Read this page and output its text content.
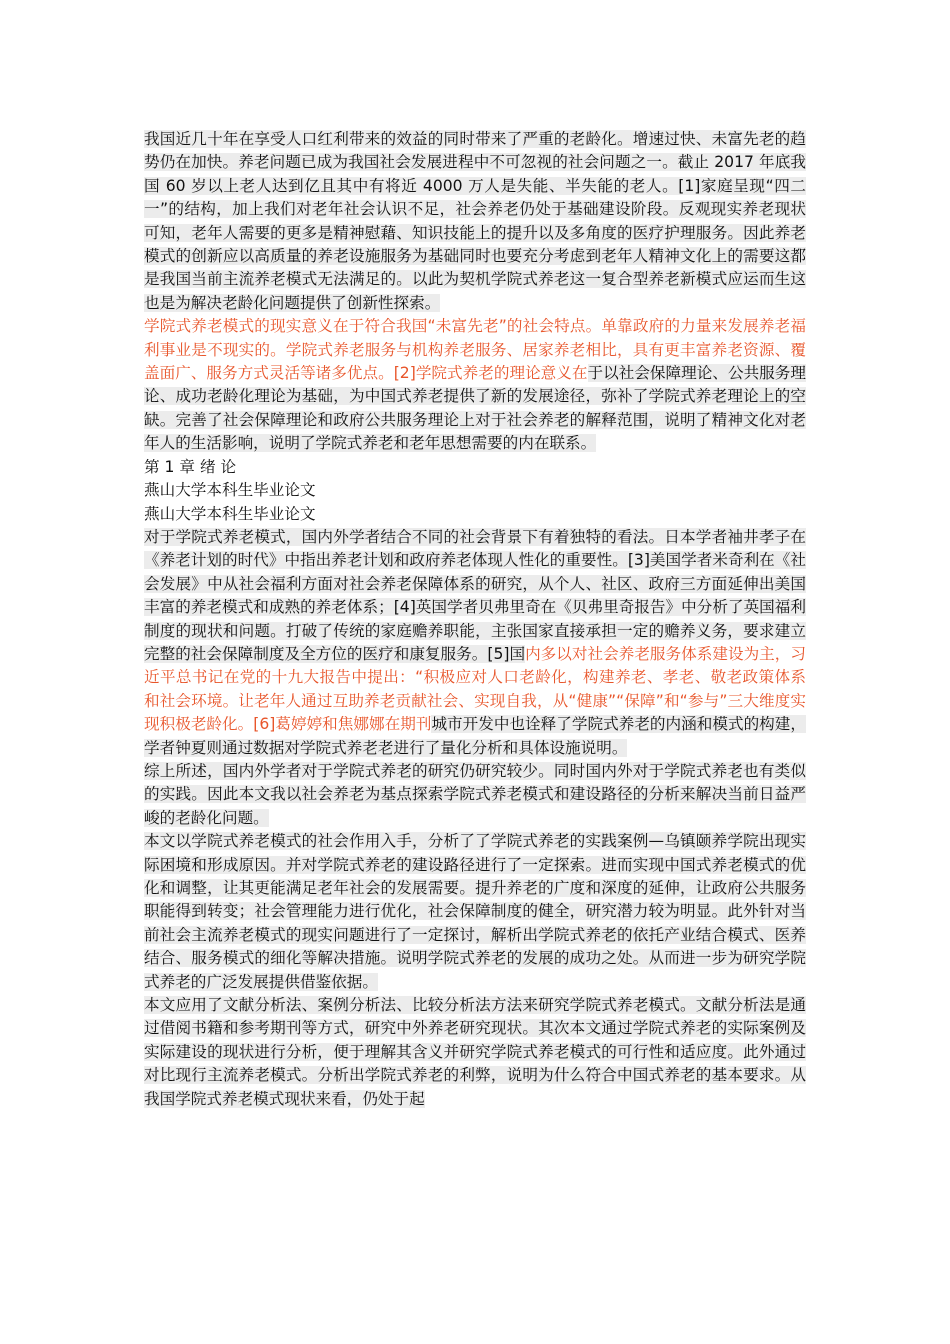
我国近几十年在享受人口红利带来的效益的同时带来了严重的老龄化。增速过快、未富先老的趋势仍在加快。养老问题已成为我国社会发展进程中不可忽视的社会问题之一。截止 2017 年底我国 60 岁以上老人达到亿且其中有将近 4000 万人是失能、半失能的老人。[1]家庭呈现“四二一”的结构，加上我们对老年社会认识不足，社会养老仍处于基础建设阶段。反观现实养老现状可知，老年人需要的更多是精神慰藉、知识技能上的提升以及多角度的医疗护理服务。因此养老模式的创新应以高质量的养老设施服务为基础同时也要充分考虑到老年人精神文化上的需要这都是我国当前主流养老模式无法满足的。以此为契机学院式养老这一复合型养老新模式应运而生这也是为解决老龄化问题提供了创新性探索。

学院式养老模式的现实意义在于符合我国“未富先老”的社会特点。单靠政府的力量来发展养老福利事业是不现实的。学院式养老服务与机构养老服务、居家养老相比，具有更丰富养老资源、覆盖面广、服务方式灵活等诸多优点。[2]学院式养老的理论意义在于以社会保障理论、公共服务理论、成功老龄化理论为基础，为中国式养老提供了新的发展途径，弥补了学院式养老理论上的空缺。完善了社会保障理论和政府公共服务理论上对于社会养老的解释范围，说明了精神文化对老年人的生活影响，说明了学院式养老和老年思想需要的内在联系。

第 1 章 绪 论

燕山大学本科生毕业论文

燕山大学本科生毕业论文

对于学院式养老模式，国内外学者结合不同的社会背景下有着独特的看法。日本学者袖井孝子在《养老计划的时代》中指出养老计划和政府养老体现人性化的重要性。[3]美国学者米奇利在《社会发展》中从社会福利方面对社会养老保障体系的研究，从个人、社区、政府三方面延伸出美国丰富的养老模式和成熟的养老体系；[4]英国学者贝弗里奇在《贝弗里奇报告》中分析了英国福利制度的现状和问题。打破了传统的家庭赡养职能，主张国家直接承担一定的赡养义务，要求建立完整的社会保障制度及全方位的医疗和康复服务。[5]国内多以对社会养老服务体系建设为主，习近平总书记在党的十九大报告中提出：“积极应对人口老龄化，构建养老、孝老、敬老政策体系和社会环境。让老年人通过互助养老贡献社会、实现自我，从“健康”“保障”和“参与”三大维度实现积极老龄化。[6]葛婷婷和焦娜娜在期刊城市开发中也诠释了学院式养老的内涵和模式的构建，学者钟夏则通过数据对学院式养老老进行了量化分析和具体设施说明。

综上所述，国内外学者对于学院式养老的研究仍研究较少。同时国内外对于学院式养老也有类似的实践。因此本文我以社会养老为基点探索学院式养老模式和建设路径的分析来解决当前日益严峻的老龄化问题。

本文以学院式养老模式的社会作用入手，分析了了学院式养老的实践案例—乌镇颐养学院出现实际困境和形成原因。并对学院式养老的建设路径进行了一定探索。进而实现中国式养老模式的优化和调整，让其更能满足老年社会的发展需要。提升养老的广度和深度的延伸，让政府公共服务职能得到转变；社会管理能力进行优化，社会保障制度的健全，研究潜力较为明显。此外针对当前社会主流养老模式的现实问题进行了一定探讨，解析出学院式养老的依托产业结合模式、医养结合、服务模式的细化等解决措施。说明学院式养老的发展的成功之处。从而进一步为研究学院式养老的广泛发展提供借鉴依据。

本文应用了文献分析法、案例分析法、比较分析法方法来研究学院式养老模式。文献分析法是通过借阅书籍和参考期刊等方式，研究中外养老研究现状。其次本文通过学院式养老的实际案例及实际建设的现状进行分析，便于理解其含义并研究学院式养老模式的可行性和适应度。此外通过对比现行主流养老模式。分析出学院式养老的利弊，说明为什么符合中国式养老的基本要求。从我国学院式养老模式现状来看，仍处于起
